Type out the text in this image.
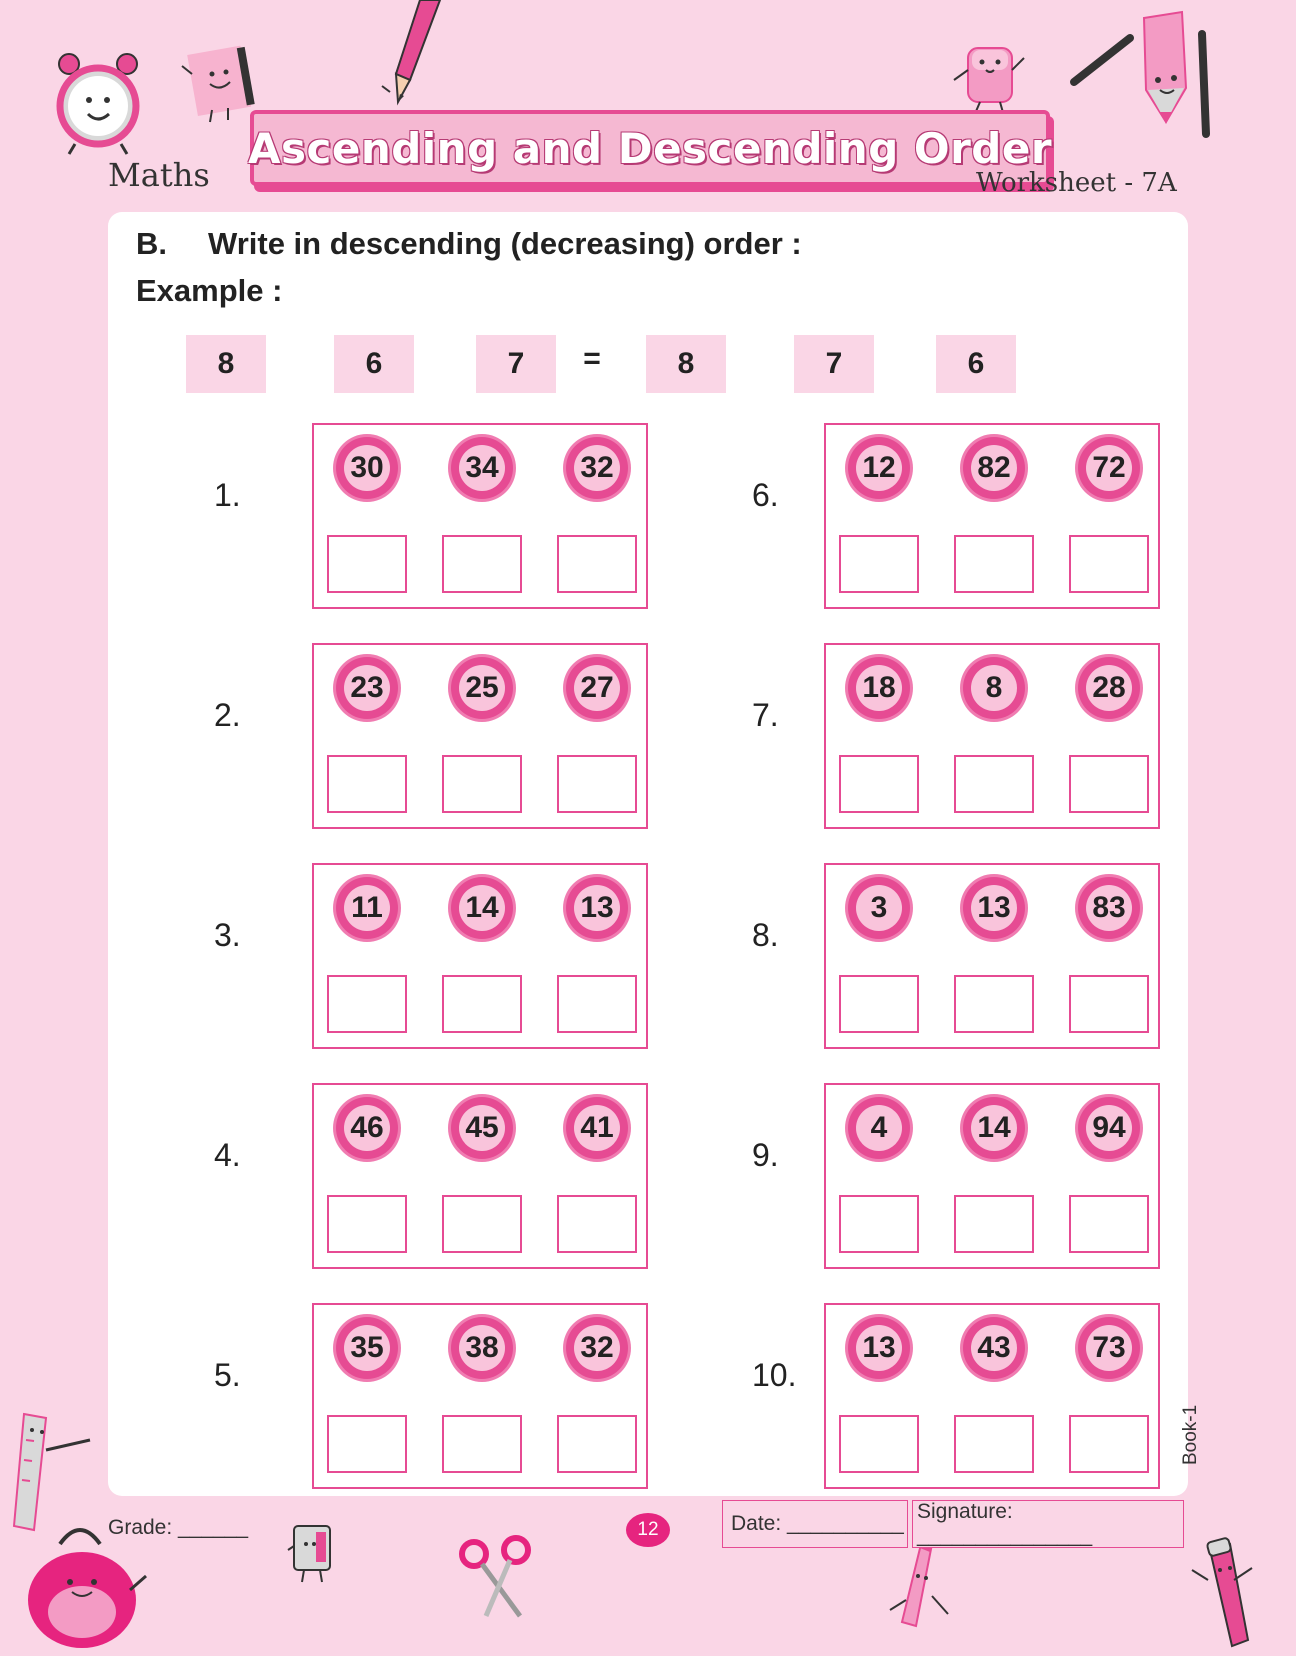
Ascending and Descending Order
Maths	Worksheet - 7A
B. Write in descending (decreasing) order :
Example :
8	6	7	=	8	7	6
1.
30	34	32
2.
23	25	27
3.
11	14	13
4.
46	45	41
5.
35	38	32
6.
12	82	72
7.
18	8	28
8.
3	13	83
9.
4	14	94
10.
13	43	73
Grade: ______	12	Date: __________
Signature: _______________
Book-1
